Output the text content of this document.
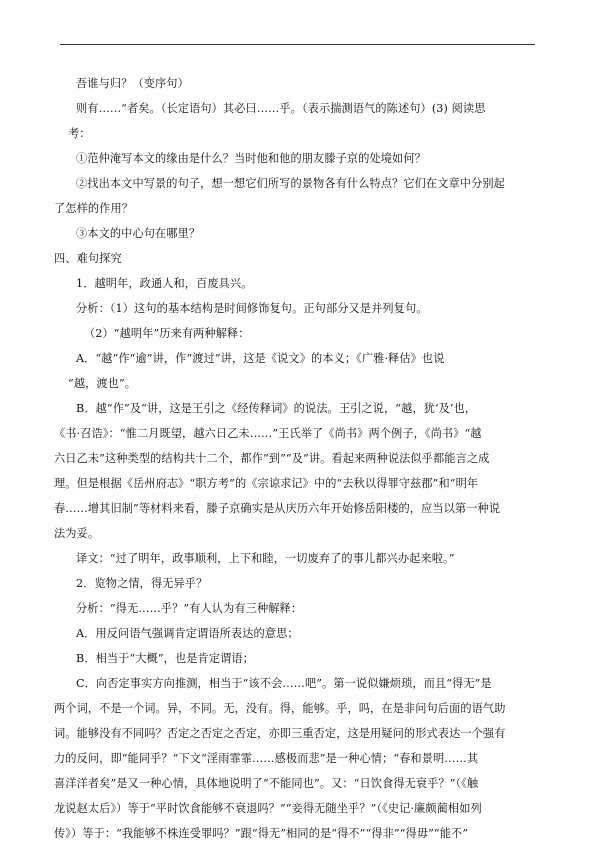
吾谁与归？（变序句）
则有……“者矣。（长定语句）其必曰……乎。（表示揣测语气的陈述句）(3) 阅读思
考：
①范仲淹写本文的缘由是什么？当时他和他的朋友滕子京的处境如何？
②找出本文中写景的句子，想一想它们所写的景物各有什么特点？它们在文章中分别起
了怎样的作用？
③本文的中心句在哪里？
四、难句探究
1．越明年，政通人和，百废具兴。
分析：（1）这句的基本结构是时间修饰复句。正句部分又是并列复句。
（2）“越明年”历来有两种解释：
A．“越”作“逾”讲，作“渡过”讲，这是《说文》的本义；《广雅·释估》也说
“越，渡也”。
B．越“作”及“讲，这是王引之《经传释词》的说法。王引之说，“越，犹‘及’也，
《书·召诰》：“惟二月既望，越六日乙未……”王氏举了《尚书》两个例子，《尚书》“越
六日乙未”这种类型的结构共十二个，都作“到”“及”讲。看起来两种说法似乎都能言之成
理。但是根据《岳州府志》“职方考”的《宗谅求记》中的“去秋以得罪守兹郡”和“明年
春……增其旧制”等材料来看，滕子京确实是从庆历六年开始修岳阳楼的，应当以第一种说
法为妥。
译文：“过了明年，政事顺利，上下和睦，一切废弃了的事儿都兴办起来啦。”
2．览物之情，得无异乎？
分析：“得无……乎？”有人认为有三种解释：
A．用反问语气强调肯定谓语所表达的意思；
B．相当于“大概”，也是肯定谓语；
C．向否定事实方向推测，相当于“该不会……吧”。第一说似嫌烦琐，而且“得无”是
两个词，不是一个词。异，不同。无，没有。得，能够。乎，吗，在是非问句后面的语气助
词。能够没有不同吗？否定之否定之否定，亦即三重否定，这是用疑问的形式表达一个强有
力的反问，即“能同乎？”下文“淫雨霏霏……感极而悲”是一种心情；“春和景明……其
喜洋洋者矣”是又一种心情，具体地说明了“不能同也”。又：“日饮食得无衰乎？”（《触
龙说赵太后》）等于“平时饮食能够不衰退吗？”“妾得无随坐乎？”（《史记·廉颇蔺相如列
传》）等于：“我能够不株连受罪吗？”跟“得无”相同的是“得不”“得非”“得毋”“能不”
